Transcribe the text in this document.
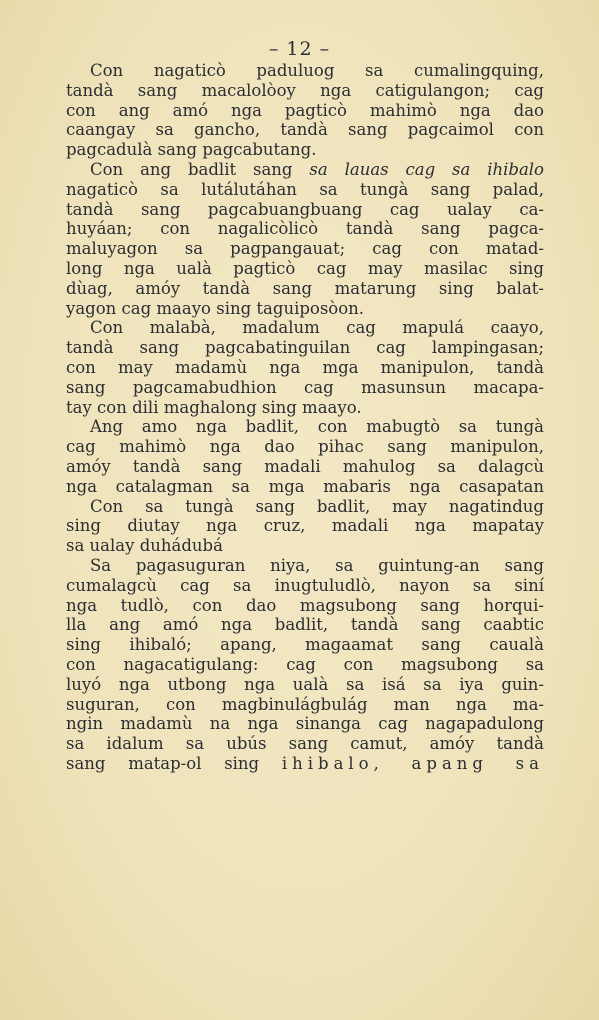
– 12 –
Con nagaticò paduluog sa cumalingquing,
tandà sang macalolòoy nga catigulangon; cag
con ang amó nga pagticò mahimò nga dao
caangay sa gancho, tandà sang pagcaimol con
pagcadulà sang pagcabutang.
Con ang badlit sang sa lauas cag sa ihibalo
nagaticò sa lutálutáhan sa tungà sang palad,
tandà sang pagcabuangbuang cag ualay ca-
huyáan; con nagalicòlicò tandà sang pagca-
maluyagon sa pagpangauat; cag con matad-
long nga ualà pagticò cag may masilac sing
dùag, amóy tandà sang matarung sing balat-
yagon cag maayo sing taguiposòon.
Con malabà, madalum cag mapulá caayo,
tandà sang pagcabatinguilan cag lampingasan;
con may madamù nga mga manipulon, tandà
sang pagcamabudhion cag masunsun macapa-
tay con dili maghalong sing maayo.
Ang amo nga badlit, con mabugtò sa tungà
cag mahimò nga dao pihac sang manipulon,
amóy tandà sang madali mahulog sa dalagcù
nga catalagman sa mga mabaris nga casapatan
Con sa tungà sang badlit, may nagatindug
sing diutay nga cruz, madali nga mapatay
sa ualay duhádubá
Sa pagasuguran niya, sa guintung-an sang
cumalagcù cag sa inugtuludlò, nayon sa siní
nga tudlò, con dao magsubong sang horqui-
lla ang amó nga badlit, tandà sang caabtic
sing ihibaló; apang, magaamat sang caualà
con nagacatigulang: cag con magsubong sa
luyó nga utbong nga ualà sa isá sa iya guin-
suguran, con magbinulágbulág man nga ma-
ngin madamù na nga sinanga cag nagapadulong
sa idalum sa ubús sang camut, amóy tandà
sang matap-ol sing ihibalo, apang sa
